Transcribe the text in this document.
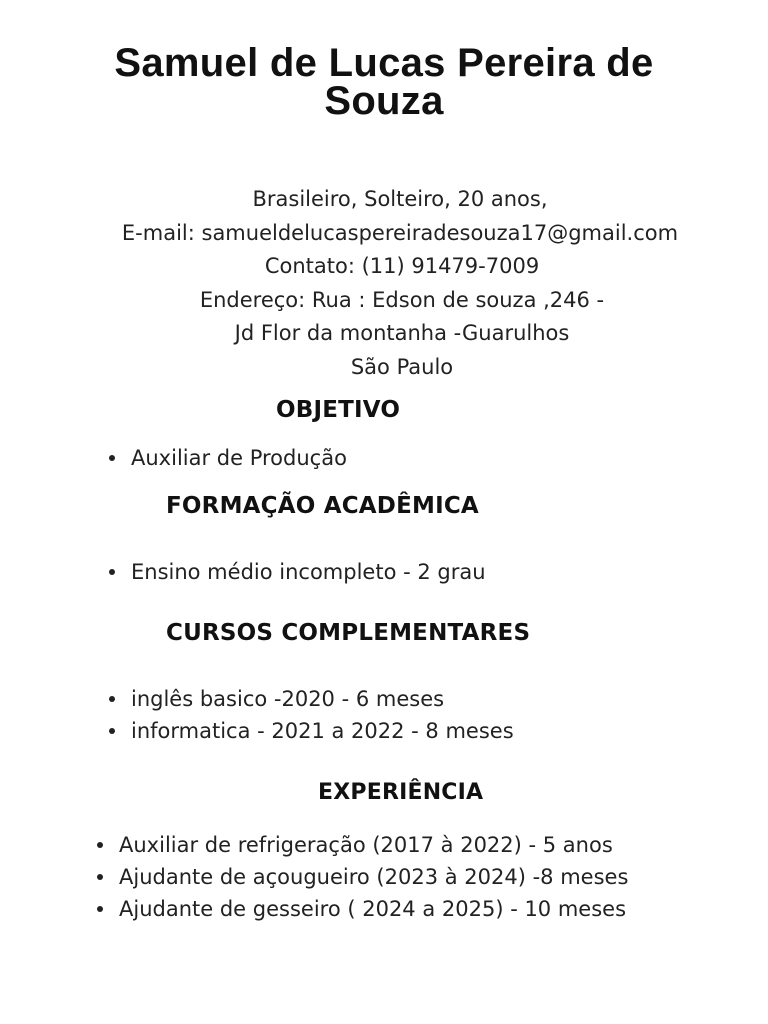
Samuel de Lucas Pereira de
Souza
Brasileiro, Solteiro, 20 anos,
E-mail: samueldelucaspereiradesouza17@gmail.com
Contato: (11) 91479-7009
Endereço: Rua : Edson de souza ,246 -
Jd Flor da montanha -Guarulhos
São Paulo
OBJETIVO
Auxiliar de Produção
FORMAÇÃO ACADÊMICA
Ensino médio incompleto - 2 grau
CURSOS COMPLEMENTARES
inglês basico -2020 - 6 meses
informatica - 2021 a 2022 - 8 meses
EXPERIÊNCIA
Auxiliar de refrigeração (2017 à 2022) - 5 anos
Ajudante de açougueiro (2023 à 2024) -8 meses
Ajudante de gesseiro ( 2024 a 2025) - 10 meses
